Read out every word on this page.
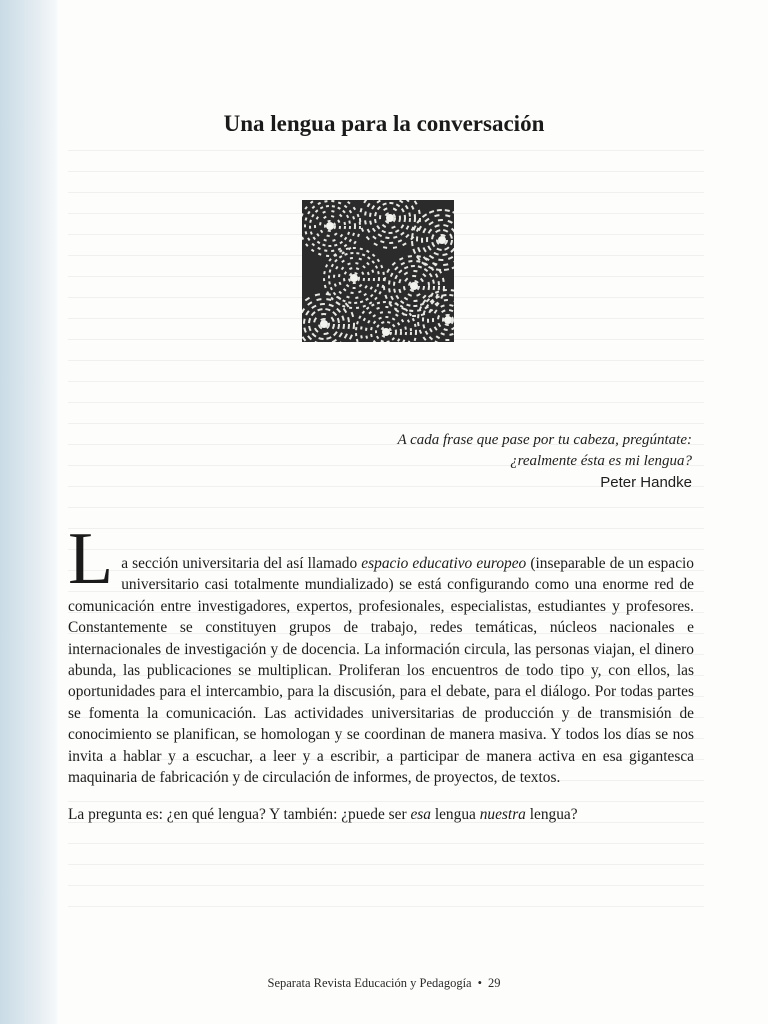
Una lengua para la conversación
A cada frase que pase por tu cabeza, pregúntate:
¿realmente ésta es mi lengua?
Peter Handke

La sección universitaria del así llamado espacio educativo europeo (inseparable de un espacio universitario casi totalmente mundializado) se está configurando como una enorme red de comunicación entre investigadores, expertos, profesionales, especialistas, estudiantes y profesores. Constantemente se constituyen grupos de trabajo, redes temáticas, núcleos nacionales e internacionales de investigación y de docencia. La información circula, las personas viajan, el dinero abunda, las publicaciones se multiplican. Proliferan los encuentros de todo tipo y, con ellos, las oportunidades para el intercambio, para la discusión, para el debate, para el diálogo. Por todas partes se fomenta la comunicación. Las actividades universitarias de producción y de transmisión de conocimiento se planifican, se homologan y se coordinan de manera masiva. Y todos los días se nos invita a hablar y a escuchar, a leer y a escribir, a participar de manera activa en esa gigantesca maquinaria de fabricación y de circulación de informes, de proyectos, de textos.

La pregunta es: ¿en qué lengua? Y también: ¿puede ser esa lengua nuestra lengua?

Separata Revista Educación y Pedagogía • 29
